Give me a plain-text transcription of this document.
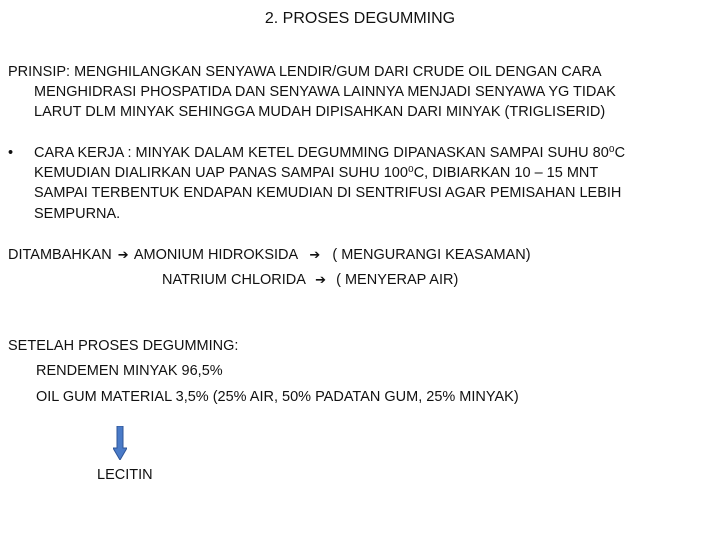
2. PROSES DEGUMMING
PRINSIP: MENGHILANGKAN SENYAWA LENDIR/GUM DARI CRUDE OIL DENGAN CARA
MENGHIDRASI PHOSPATIDA DAN SENYAWA LAINNYA MENJADI SENYAWA YG TIDAK
LARUT DLM MINYAK SEHINGGA MUDAH DIPISAHKAN DARI MINYAK (TRIGLISERID)
• CARA KERJA : MINYAK DALAM KETEL DEGUMMING DIPANASKAN SAMPAI SUHU 80⁰C
KEMUDIAN DIALIRKAN UAP PANAS SAMPAI SUHU 100⁰C, DIBIARKAN 10 – 15 MNT
SAMPAI TERBENTUK ENDAPAN KEMUDIAN DI SENTRIFUSI AGAR PEMISAHAN LEBIH
SEMPURNA.
DITAMBAHKAN ➔ AMONIUM HIDROKSIDA ➔ ( MENGURANGI KEASAMAN)
NATRIUM CHLORIDA ➔ ( MENYERAP AIR)
SETELAH PROSES DEGUMMING:
RENDEMEN MINYAK 96,5%
OIL GUM MATERIAL 3,5% (25% AIR, 50% PADATAN GUM, 25% MINYAK)
LECITIN
